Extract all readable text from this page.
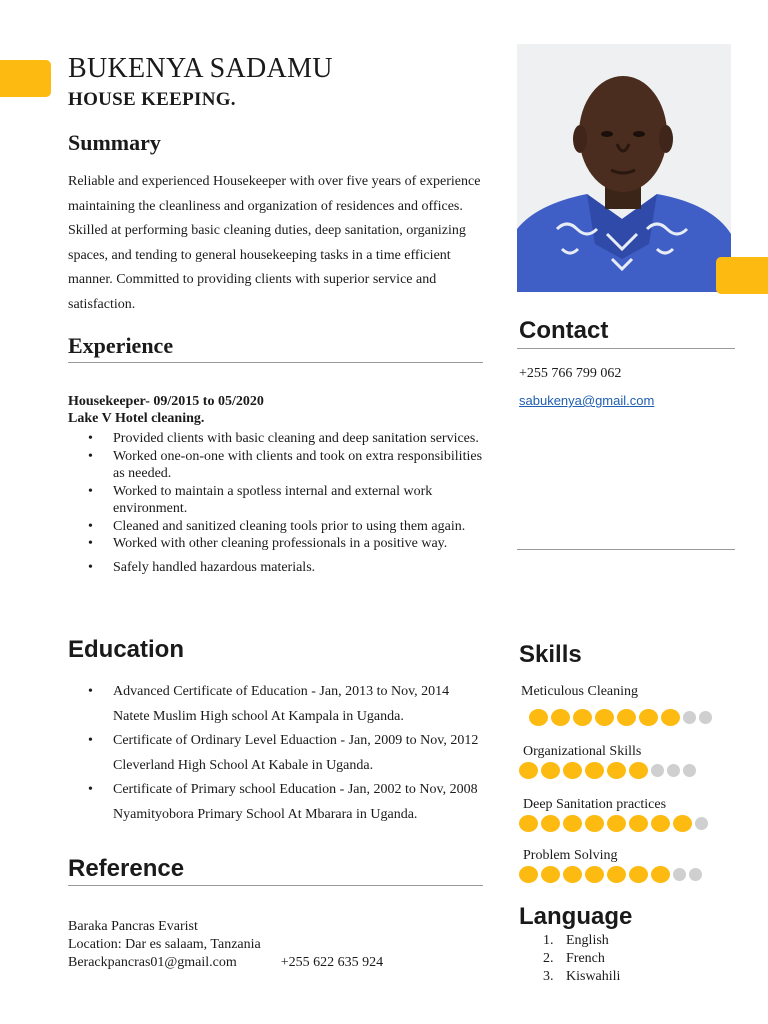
BUKENYA SADAMU
HOUSE KEEPING.
Summary
Reliable and experienced Housekeeper with over five years of experience maintaining the cleanliness and organization of residences and offices. Skilled at performing basic cleaning duties, deep sanitation, organizing spaces, and tending to general housekeeping tasks in a time efficient manner. Committed to providing clients with superior service and satisfaction.
Experience
Housekeeper- 09/2015 to 05/2020
Lake V Hotel cleaning.
• Provided clients with basic cleaning and deep sanitation services.
• Worked one-on-one with clients and took on extra responsibilities as needed.
• Worked to maintain a spotless internal and external work environment.
• Cleaned and sanitized cleaning tools prior to using them again.
• Worked with other cleaning professionals in a positive way.
• Safely handled hazardous materials.
Education
• Advanced Certificate of Education - Jan, 2013 to Nov, 2014 Natete Muslim High school At Kampala in Uganda.
• Certificate of Ordinary Level Eduaction - Jan, 2009 to Nov, 2012 Cleverland High School At Kabale in Uganda.
• Certificate of Primary school Education - Jan, 2002 to Nov, 2008 Nyamityobora Primary School At Mbarara in Uganda.
Reference
Baraka Pancras Evarist
Location: Dar es salaam, Tanzania
Berackpancras01@gmail.com	+255 622 635 924
Contact
+255 766 799 062
sabukenya@gmail.com
Skills
Meticulous Cleaning
Organizational Skills
Deep Sanitation practices
Problem Solving
Language
1. English
2. French
3. Kiswahili
